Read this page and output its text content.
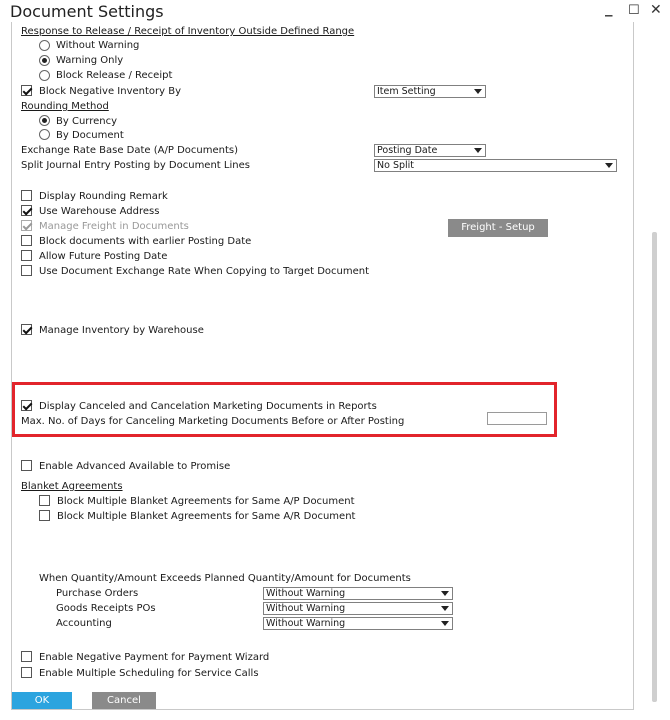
Document Settings	_ ☐ ✕
Response to Release / Receipt of Inventory Outside Defined Range
Without Warning
Warning Only
Block Release / Receipt
Block Negative Inventory By	Item Setting
Rounding Method
By Currency
By Document
Exchange Rate Base Date (A/P Documents)	Posting Date
Split Journal Entry Posting by Document Lines	No Split
Display Rounding Remark
Use Warehouse Address
Manage Freight in Documents	Freight - Setup
Block documents with earlier Posting Date
Allow Future Posting Date
Use Document Exchange Rate When Copying to Target Document
Manage Inventory by Warehouse
Display Canceled and Cancelation Marketing Documents in Reports
Max. No. of Days for Canceling Marketing Documents Before or After Posting
Enable Advanced Available to Promise
Blanket Agreements
Block Multiple Blanket Agreements for Same A/P Document
Block Multiple Blanket Agreements for Same A/R Document
When Quantity/Amount Exceeds Planned Quantity/Amount for Documents
Purchase Orders	Without Warning
Goods Receipts POs	Without Warning
Accounting	Without Warning
Enable Negative Payment for Payment Wizard
Enable Multiple Scheduling for Service Calls
OK	Cancel
